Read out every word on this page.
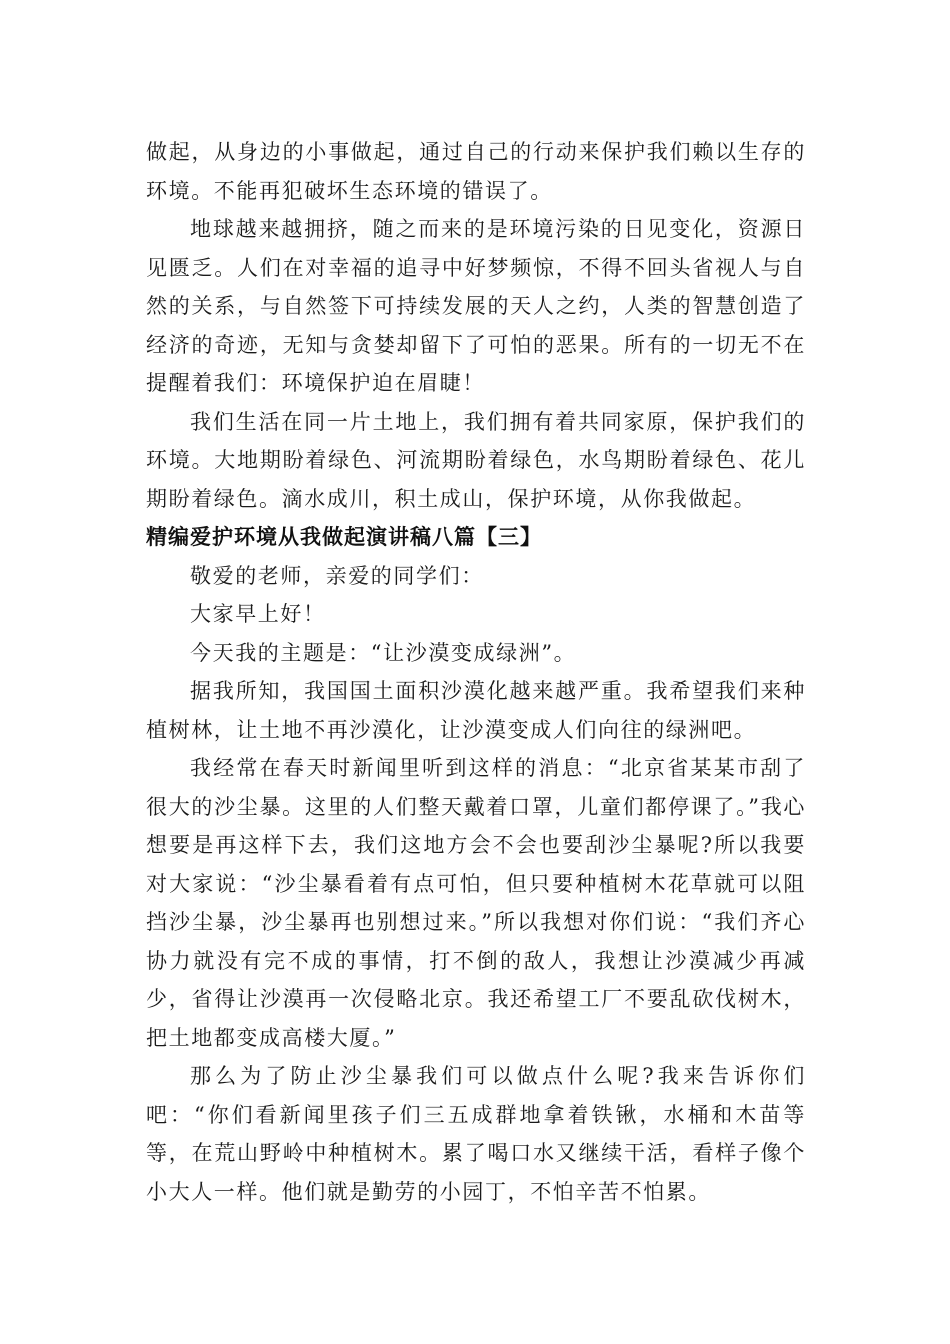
做起，从身边的小事做起，通过自己的行动来保护我们赖以生存的环境。不能再犯破坏生态环境的错误了。

地球越来越拥挤，随之而来的是环境污染的日见变化，资源日见匮乏。人们在对幸福的追寻中好梦频惊，不得不回头省视人与自然的关系，与自然签下可持续发展的天人之约，人类的智慧创造了经济的奇迹，无知与贪婪却留下了可怕的恶果。所有的一切无不在提醒着我们：环境保护迫在眉睫！

我们生活在同一片土地上，我们拥有着共同家原，保护我们的环境。大地期盼着绿色、河流期盼着绿色，水鸟期盼着绿色、花儿期盼着绿色。滴水成川，积土成山，保护环境，从你我做起。

精编爱护环境从我做起演讲稿八篇【三】

敬爱的老师，亲爱的同学们：

大家早上好！

今天我的主题是：“让沙漠变成绿洲”。

据我所知，我国国土面积沙漠化越来越严重。我希望我们来种植树林，让土地不再沙漠化，让沙漠变成人们向往的绿洲吧。

我经常在春天时新闻里听到这样的消息：“北京省某某市刮了很大的沙尘暴。这里的人们整天戴着口罩，儿童们都停课了。”我心想要是再这样下去，我们这地方会不会也要刮沙尘暴呢?所以我要对大家说：“沙尘暴看着有点可怕，但只要种植树木花草就可以阻挡沙尘暴，沙尘暴再也别想过来。”所以我想对你们说：“我们齐心协力就没有完不成的事情，打不倒的敌人，我想让沙漠减少再减少，省得让沙漠再一次侵略北京。我还希望工厂不要乱砍伐树木，把土地都变成高楼大厦。”

那么为了防止沙尘暴我们可以做点什么呢?我来告诉你们吧：“你们看新闻里孩子们三五成群地拿着铁锹，水桶和木苗等等，在荒山野岭中种植树木。累了喝口水又继续干活，看样子像个小大人一样。他们就是勤劳的小园丁，不怕辛苦不怕累。
